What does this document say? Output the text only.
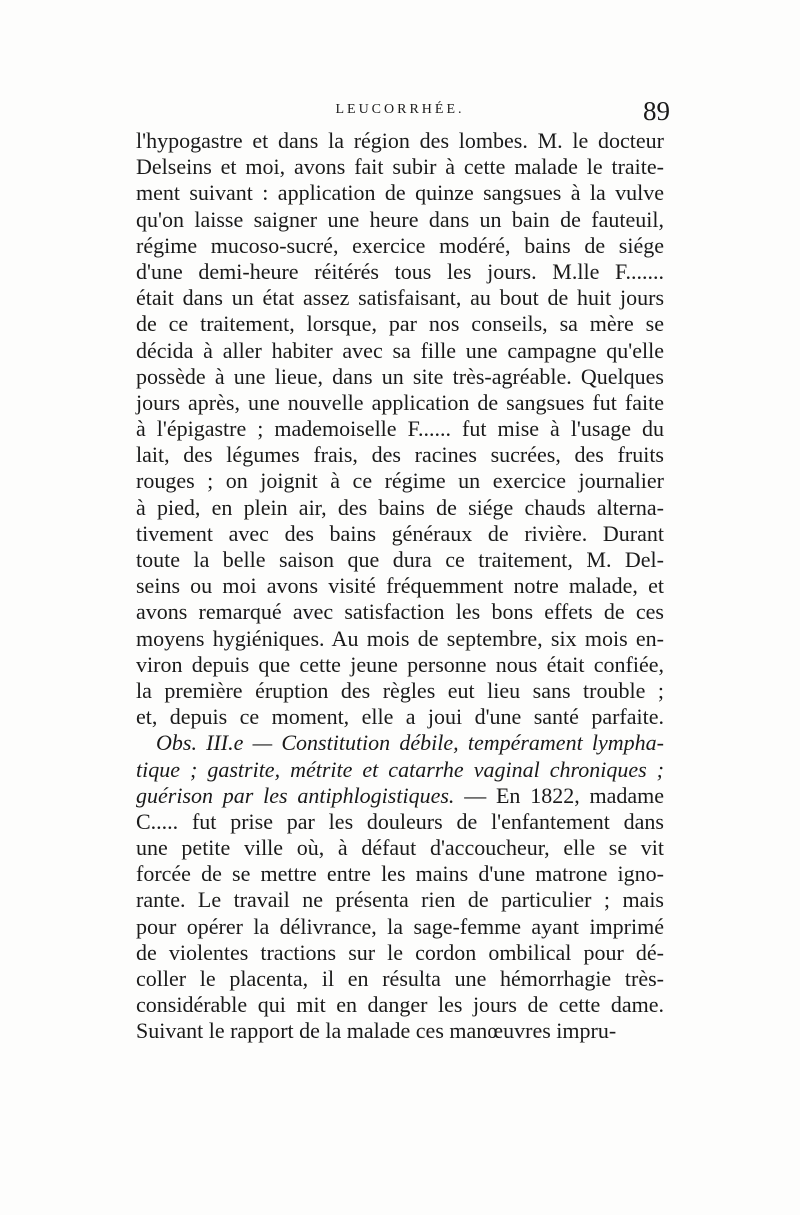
LEUCORRHÉE.	89
l'hypogastre et dans la région des lombes. M. le docteur
Delseins et moi, avons fait subir à cette malade le traite-
ment suivant : application de quinze sangsues à la vulve
qu'on laisse saigner une heure dans un bain de fauteuil,
régime mucoso-sucré, exercice modéré, bains de siége
d'une demi-heure réitérés tous les jours. M.lle F.......
était dans un état assez satisfaisant, au bout de huit jours
de ce traitement, lorsque, par nos conseils, sa mère se
décida à aller habiter avec sa fille une campagne qu'elle
possède à une lieue, dans un site très-agréable. Quelques
jours après, une nouvelle application de sangsues fut faite
à l'épigastre ; mademoiselle F...... fut mise à l'usage du
lait, des légumes frais, des racines sucrées, des fruits
rouges ; on joignit à ce régime un exercice journalier
à pied, en plein air, des bains de siége chauds alterna-
tivement avec des bains généraux de rivière. Durant
toute la belle saison que dura ce traitement, M. Del-
seins ou moi avons visité fréquemment notre malade, et
avons remarqué avec satisfaction les bons effets de ces
moyens hygiéniques. Au mois de septembre, six mois en-
viron depuis que cette jeune personne nous était confiée,
la première éruption des règles eut lieu sans trouble ;
et, depuis ce moment, elle a joui d'une santé parfaite.
Obs. III.e — Constitution débile, tempérament lympha-
tique ; gastrite, métrite et catarrhe vaginal chroniques ;
guérison par les antiphlogistiques. — En 1822, madame
C..... fut prise par les douleurs de l'enfantement dans
une petite ville où, à défaut d'accoucheur, elle se vit
forcée de se mettre entre les mains d'une matrone igno-
rante. Le travail ne présenta rien de particulier ; mais
pour opérer la délivrance, la sage-femme ayant imprimé
de violentes tractions sur le cordon ombilical pour dé-
coller le placenta, il en résulta une hémorrhagie très-
considérable qui mit en danger les jours de cette dame.
Suivant le rapport de la malade ces manœuvres impru-
